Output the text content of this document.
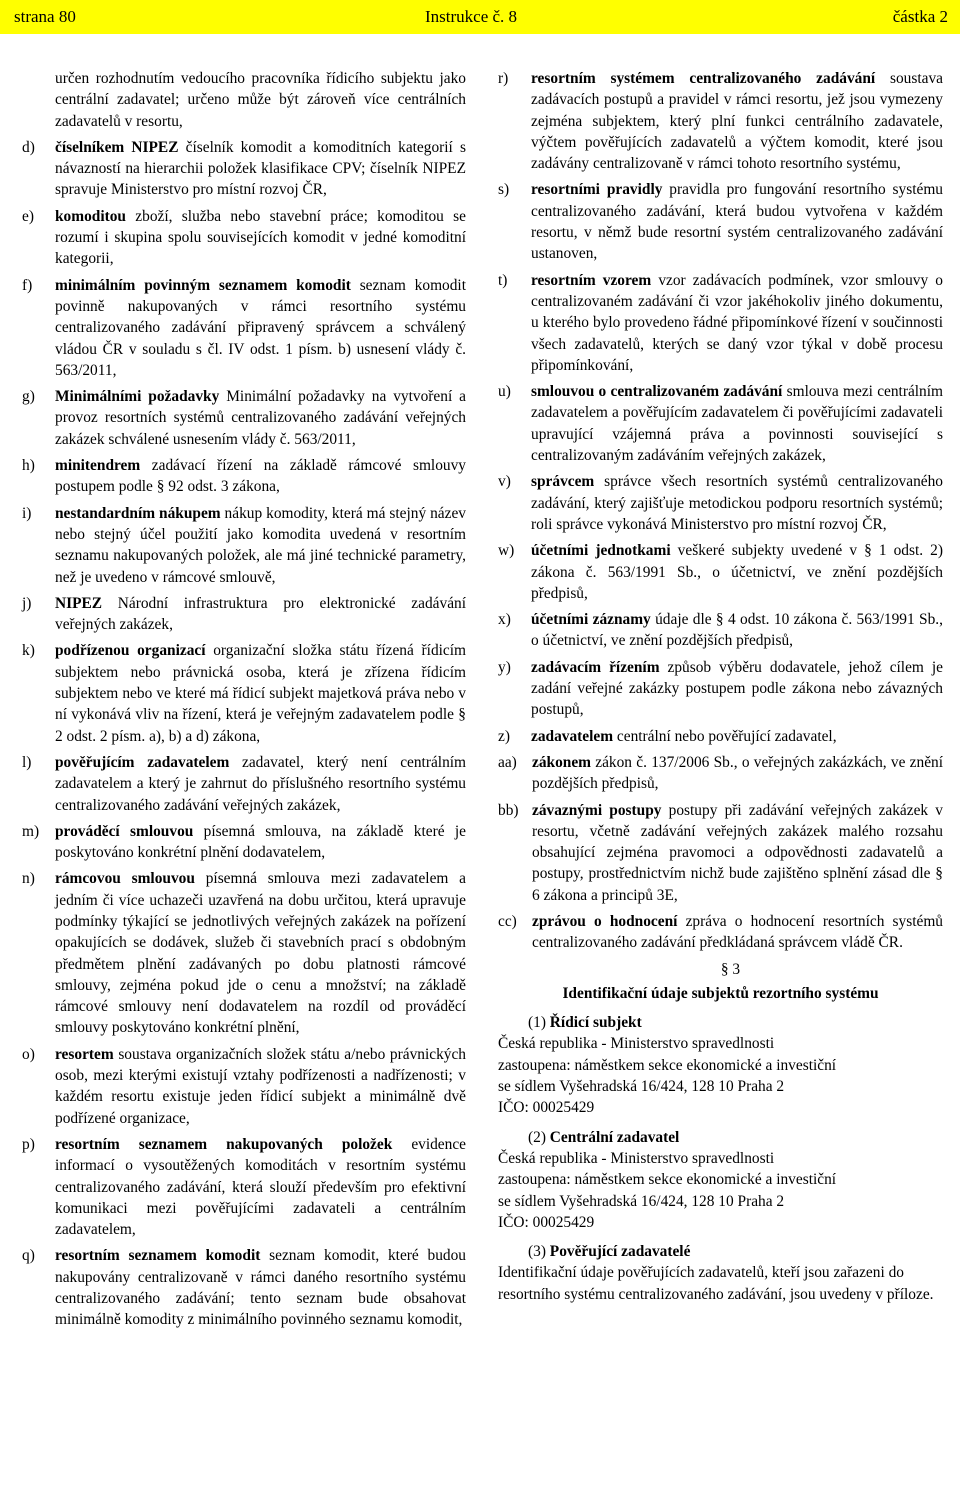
strana 80	Instrukce č. 8	částka 2

určen rozhodnutím vedoucího pracovníka řídicího subjektu jako centrální zadavatel; určeno může být zároveň více centrálních zadavatelů v resortu,

d) číselníkem NIPEZ číselník komodit a komoditních kategorií s návazností na hierarchii položek klasifikace CPV; číselník NIPEZ spravuje Ministerstvo pro místní rozvoj ČR,

e) komoditou zboží, služba nebo stavební práce; komoditou se rozumí i skupina spolu souvisejících komodit v jedné komoditní kategorii,

f) minimálním povinným seznamem komodit seznam komodit povinně nakupovaných v rámci resortního systému centralizovaného zadávání připravený správcem a schválený vládou ČR v souladu s čl. IV odst. 1 písm. b) usnesení vlády č. 563/2011,

g) Minimálními požadavky Minimální požadavky na vytvoření a provoz resortních systémů centralizovaného zadávání veřejných zakázek schválené usnesením vlády č. 563/2011,

h) minitendrem zadávací řízení na základě rámcové smlouvy postupem podle § 92 odst. 3 zákona,

i) nestandardním nákupem nákup komodity, která má stejný název nebo stejný účel použití jako komodita uvedená v resortním seznamu nakupovaných položek, ale má jiné technické parametry, než je uvedeno v rámcové smlouvě,

j) NIPEZ Národní infrastruktura pro elektronické zadávání veřejných zakázek,

k) podřízenou organizací organizační složka státu řízená řídicím subjektem nebo právnická osoba, která je zřízena řídicím subjektem nebo ve které má řídicí subjekt majetková práva nebo v ní vykonává vliv na řízení, která je veřejným zadavatelem podle § 2 odst. 2 písm. a), b) a d) zákona,

l) pověřujícím zadavatelem zadavatel, který není centrálním zadavatelem a který je zahrnut do příslušného resortního systému centralizovaného zadávání veřejných zakázek,

m) prováděcí smlouvou písemná smlouva, na základě které je poskytováno konkrétní plnění dodavatelem,

n) rámcovou smlouvou písemná smlouva mezi zadavatelem a jedním či více uchazeči uzavřená na dobu určitou, která upravuje podmínky týkající se jednotlivých veřejných zakázek na pořízení opakujících se dodávek, služeb či stavebních prací s obdobným předmětem plnění zadávaných po dobu platnosti rámcové smlouvy, zejména pokud jde o cenu a množství; na základě rámcové smlouvy není dodavatelem na rozdíl od prováděcí smlouvy poskytováno konkrétní plnění,

o) resortem soustava organizačních složek státu a/nebo právnických osob, mezi kterými existují vztahy podřízenosti a nadřízenosti; v každém resortu existuje jeden řídicí subjekt a minimálně dvě podřízené organizace,

p) resortním seznamem nakupovaných položek evidence informací o vysoutěžených komoditách v resortním systému centralizovaného zadávání, která slouží především pro efektivní komunikaci mezi pověřujícími zadavateli a centrálním zadavatelem,

q) resortním seznamem komodit seznam komodit, které budou nakupovány centralizovaně v rámci daného resortního systému centralizovaného zadávání; tento seznam bude obsahovat minimálně komodity z minimálního povinného seznamu komodit,

r) resortním systémem centralizovaného zadávání soustava zadávacích postupů a pravidel v rámci resortu, jež jsou vymezeny zejména subjektem, který plní funkci centrálního zadavatele, výčtem pověřujících zadavatelů a výčtem komodit, které jsou zadávány centralizovaně v rámci tohoto resortního systému,

s) resortními pravidly pravidla pro fungování resortního systému centralizovaného zadávání, která budou vytvořena v každém resortu, v němž bude resortní systém centralizovaného zadávání ustanoven,

t) resortním vzorem vzor zadávacích podmínek, vzor smlouvy o centralizovaném zadávání či vzor jakéhokoliv jiného dokumentu, u kterého bylo provedeno řádné připomínkové řízení v součinnosti všech zadavatelů, kterých se daný vzor týkal v době procesu připomínkování,

u) smlouvou o centralizovaném zadávání smlouva mezi centrálním zadavatelem a pověřujícím zadavatelem či pověřujícími zadavateli upravující vzájemná práva a povinnosti související s centralizovaným zadáváním veřejných zakázek,

v) správcem správce všech resortních systémů centralizovaného zadávání, který zajišťuje metodickou podporu resortních systémů; roli správce vykonává Ministerstvo pro místní rozvoj ČR,

w) účetními jednotkami veškeré subjekty uvedené v § 1 odst. 2) zákona č. 563/1991 Sb., o účetnictví, ve znění pozdějších předpisů,

x) účetními záznamy údaje dle § 4 odst. 10 zákona č. 563/1991 Sb., o účetnictví, ve znění pozdějších předpisů,

y) zadávacím řízením způsob výběru dodavatele, jehož cílem je zadání veřejné zakázky postupem podle zákona nebo závazných postupů,

z) zadavatelem centrální nebo pověřující zadavatel,

aa) zákonem zákon č. 137/2006 Sb., o veřejných zakázkách, ve znění pozdějších předpisů,

bb) závaznými postupy postupy při zadávání veřejných zakázek v resortu, včetně zadávání veřejných zakázek malého rozsahu obsahující zejména pravomoci a odpovědnosti zadavatelů a postupy, prostřednictvím nichž bude zajištěno splnění zásad dle § 6 zákona a principů 3E,

cc) zprávou o hodnocení zpráva o hodnocení resortních systémů centralizovaného zadávání předkládaná správcem vládě ČR.

§ 3
Identifikační údaje subjektů rezortního systému

(1) Řídicí subjekt

Česká republika - Ministerstvo spravedlnosti

zastoupena: náměstkem sekce ekonomické a investiční

se sídlem Vyšehradská 16/424, 128 10 Praha 2

IČO: 00025429

(2) Centrální zadavatel

Česká republika - Ministerstvo spravedlnosti

zastoupena: náměstkem sekce ekonomické a investiční

se sídlem Vyšehradská 16/424, 128 10 Praha 2

IČO: 00025429

(3) Pověřující zadavatelé

Identifikační údaje pověřujících zadavatelů, kteří jsou zařazeni do resortního systému centralizovaného zadávání, jsou uvedeny v příloze.
